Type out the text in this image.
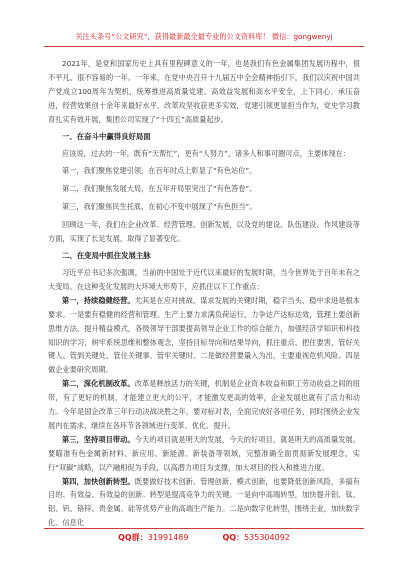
关注头条号“公文研究”，获得最新最全最专业的公文资料库！ 微信：gongwenyj

2021年，是党和国家历史上具有里程碑意义的一年，也是我们有色金属集团发展历程中，很不平凡、很不容易的一年。一年来，在党中央召开十九届五中全会精神指引下，我们以庆祝中国共产党成立100周年为契机，统筹推进高质量党建、高效益发展和高水平安全，上下同心、承压奋进，经营效果创十余年来最好水平，改革攻坚收获更多实效，党建引领更显担当作为，党史学习教育扎实有效开展，集团公司实现了“十四五”高质量起步。

一、在奋斗中赢得良好局面

应该说，过去的一年，既有“天帮忙”，更有“人努力”，诸多人和事可圈可点，主要体现在：

第一，我们聚焦党建引领，在百年时点上彰显了“有色站位”。

第二，我们聚焦发展大局，在五年开局里突出了“有色答卷”。

第三，我们聚焦民生托底，在初心不变中展现了“有色担当”。

回顾这一年，我们在企业改革、经营管理、创新发展，以及党的建设、队伍建设、作风建设等方面，实现了长足发展，取得了显著变化。

二、在变局中抓住发展主脉

习近平总书记多次强调，当前的中国处于近代以来最好的发展时期，当今世界处于百年未有之大变局。在这种变化发展的大环境大形势下，应抓住以下工作重点：

第一，持续稳健经营。尤其是在应对挑战、谋求发展的关键时期，稳字当头、稳中求进是根本要求。一是要有稳健的经营和管理。生产上要力求满负荷运行，力争达产达标达效，管理上要创新思维方法，提升精益模式，各级领导干部要提高领导企业工作的综合能力，加强经济学知识和科技知识的学习，树牢系统思维和整体观念，坚持目标导向和结果导向，抓住重点、把住要害，管好关键人、管到关键处、管住关键事、管牢关键时。二是做经营要量入为出，主要重视危机风险。四是做企业要研究周期。

第二，深化机制改革。改革是释放活力的关键，机制是企业资本收益和职工劳动收益之间的纽带，有了更好的机制，才能建立更大的公平，才能激发更高的效率，企业发展也就有了活力和动力。今年是国企改革三年行动决战决胜之年，要对标对表，全面完成好各项任务，同时围绕企业发展内在需求，继续在各环节各领域进行变革、优化、提升。

第三，坚持项目带动。今天的项目就是明天的发展，今天的好项目，就是明天的高质量发展。要瞄准有色金属新材料、新应用、新能源、新装备等领域，完整准确全面贯彻新发展理念，实行“双碳”战略，以产融相促为手段，以高潜力项目为支撑，加大项目的投入和推进力度。

第四，加快创新转型。既要做好技术创新、管理创新、模式创新，也要降低创新风险，多搞有目的、有效益、有效益的创新。转型是提高竞争力的关键。一是向中高端转型，加快提升铝、钛、铝、钒、铬锌、贵金属、硅等优势产业的高端生产能力。二是向数字化转型，围绕主业，加快数字化、信息化

QQ群：31991489	QQ：535304092
